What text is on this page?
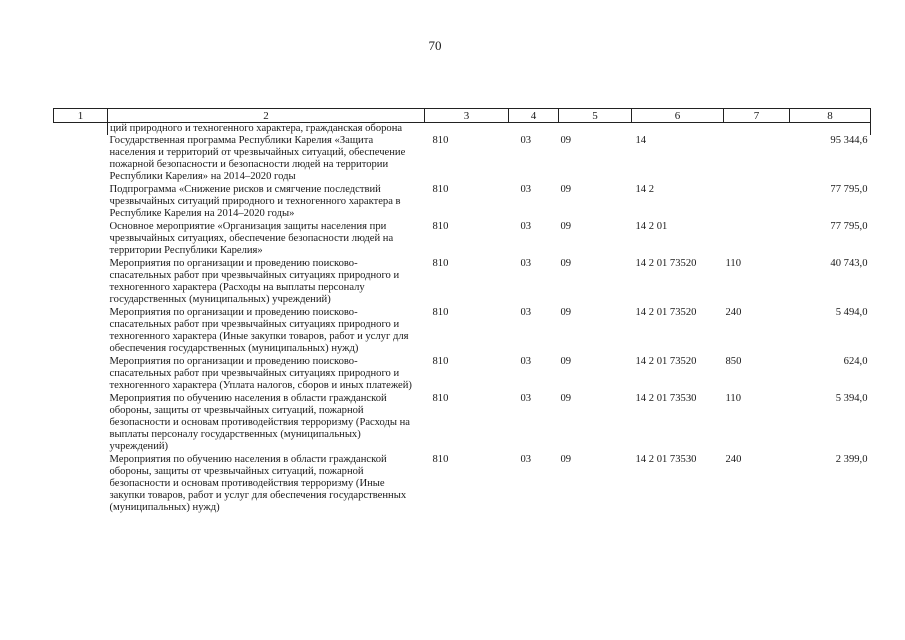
70
1	2	3	4	5	6	7	8
	ций природного и техногенного характера, гражданская оборона						
	Государственная программа Республики Карелия «Защита населения и территорий от чрезвычайных ситуаций, обеспечение пожарной безопасности и безопасности людей на территории Республики Карелия» на 2014–2020 годы	810	03	09	14		95 344,6
	Подпрограмма «Снижение рисков и смягчение последствий чрезвычайных ситуаций природного и техногенного характера в Республике Карелия на 2014–2020 годы»	810	03	09	14 2		77 795,0
	Основное мероприятие «Организация защиты населения при чрезвычайных ситуациях, обеспечение безопасности людей на территории Республики Карелия»	810	03	09	14 2 01		77 795,0
	Мероприятия по организации и проведению поисково-спасательных работ при чрезвычайных ситуациях природного и техногенного характера (Расходы на выплаты персоналу государственных (муниципальных) учреждений)	810	03	09	14 2 01 73520	110	40 743,0
	Мероприятия по организации и проведению поисково-спасательных работ при чрезвычайных ситуациях природного и техногенного характера (Иные закупки товаров, работ и услуг для обеспечения государственных (муниципальных) нужд)	810	03	09	14 2 01 73520	240	5 494,0
	Мероприятия по организации и проведению поисково-спасательных работ при чрезвычайных ситуациях природного и техногенного характера (Уплата налогов, сборов и иных платежей)	810	03	09	14 2 01 73520	850	624,0
	Мероприятия по обучению населения в области гражданской обороны, защиты от чрезвычайных ситуаций, пожарной безопасности и основам противодействия терроризму (Расходы на выплаты персоналу государственных (муниципальных) учреждений)	810	03	09	14 2 01 73530	110	5 394,0
	Мероприятия по обучению населения в области гражданской обороны, защиты от чрезвычайных ситуаций, пожарной безопасности и основам противодействия терроризму (Иные закупки товаров, работ и услуг для обеспечения государственных (муниципальных) нужд)	810	03	09	14 2 01 73530	240	2 399,0
